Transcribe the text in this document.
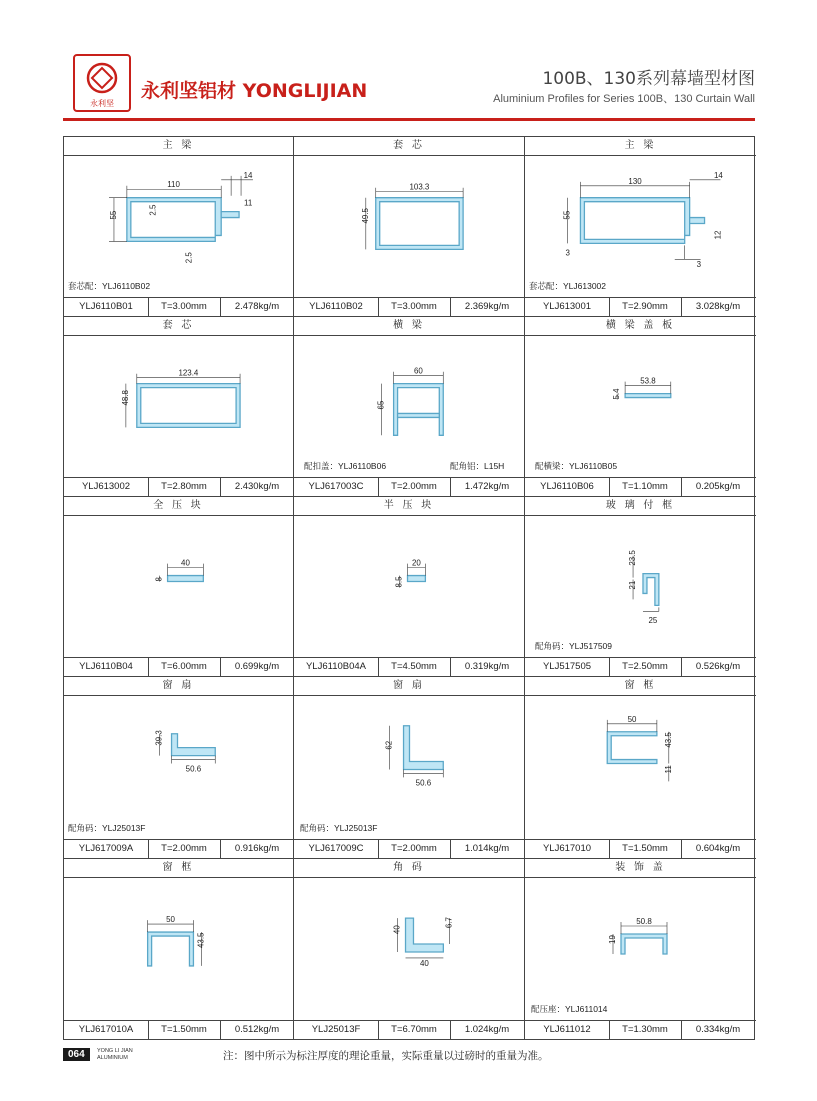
永利坚
永利坚铝材 YONGLIJIAN
100B、130系列幕墙型材图
Aluminium Profiles for Series 100B、130 Curtain Wall
主 梁
110
14
11
55	2.5
2.5
套芯配：YLJ6110B02
YLJ6110B01	T=3.00mm	2.478kg/m
套 芯
103.3
49.5
YLJ6110B02	T=3.00mm	2.369kg/m
主 梁
130
14
55
12
3
3
套芯配：YLJ613002
YLJ613001	T=2.90mm	3.028kg/m
套 芯
123.4
48.8
YLJ613002	T=2.80mm	2.430kg/m
横 梁
60
65
配扣盖：YLJ6110B06	配角铝：L15H
YLJ617003C	T=2.00mm	1.472kg/m
横 梁 盖 板
53.8
5.4
配横梁：YLJ6110B05
YLJ6110B06	T=1.10mm	0.205kg/m
全 压 块
40
8
YLJ6110B04	T=6.00mm	0.699kg/m
半 压 块
20
8.5
YLJ6110B04A	T=4.50mm	0.319kg/m
玻 璃 付 框
23.5
21
25
配角码：YLJ517509
YLJ517505	T=2.50mm	0.526kg/m
窗 扇
39.3
50.6
配角码：YLJ25013F
YLJ617009A	T=2.00mm	0.916kg/m
窗 扇
62
50.6
配角码：YLJ25013F
YLJ617009C	T=2.00mm	1.014kg/m
窗 框
50
43.5
11
YLJ617010	T=1.50mm	0.604kg/m
窗 框
50
43.5
YLJ617010A	T=1.50mm	0.512kg/m
角 码
40
6.7
40
YLJ25013F	T=6.70mm	1.024kg/m
装 饰 盖
50.8
19
配压座：YLJ611014
YLJ611012	T=1.30mm	0.334kg/m
064	YONG LI JIAN
ALUMINIUM	注：图中所示为标注厚度的理论重量，实际重量以过磅时的重量为准。
